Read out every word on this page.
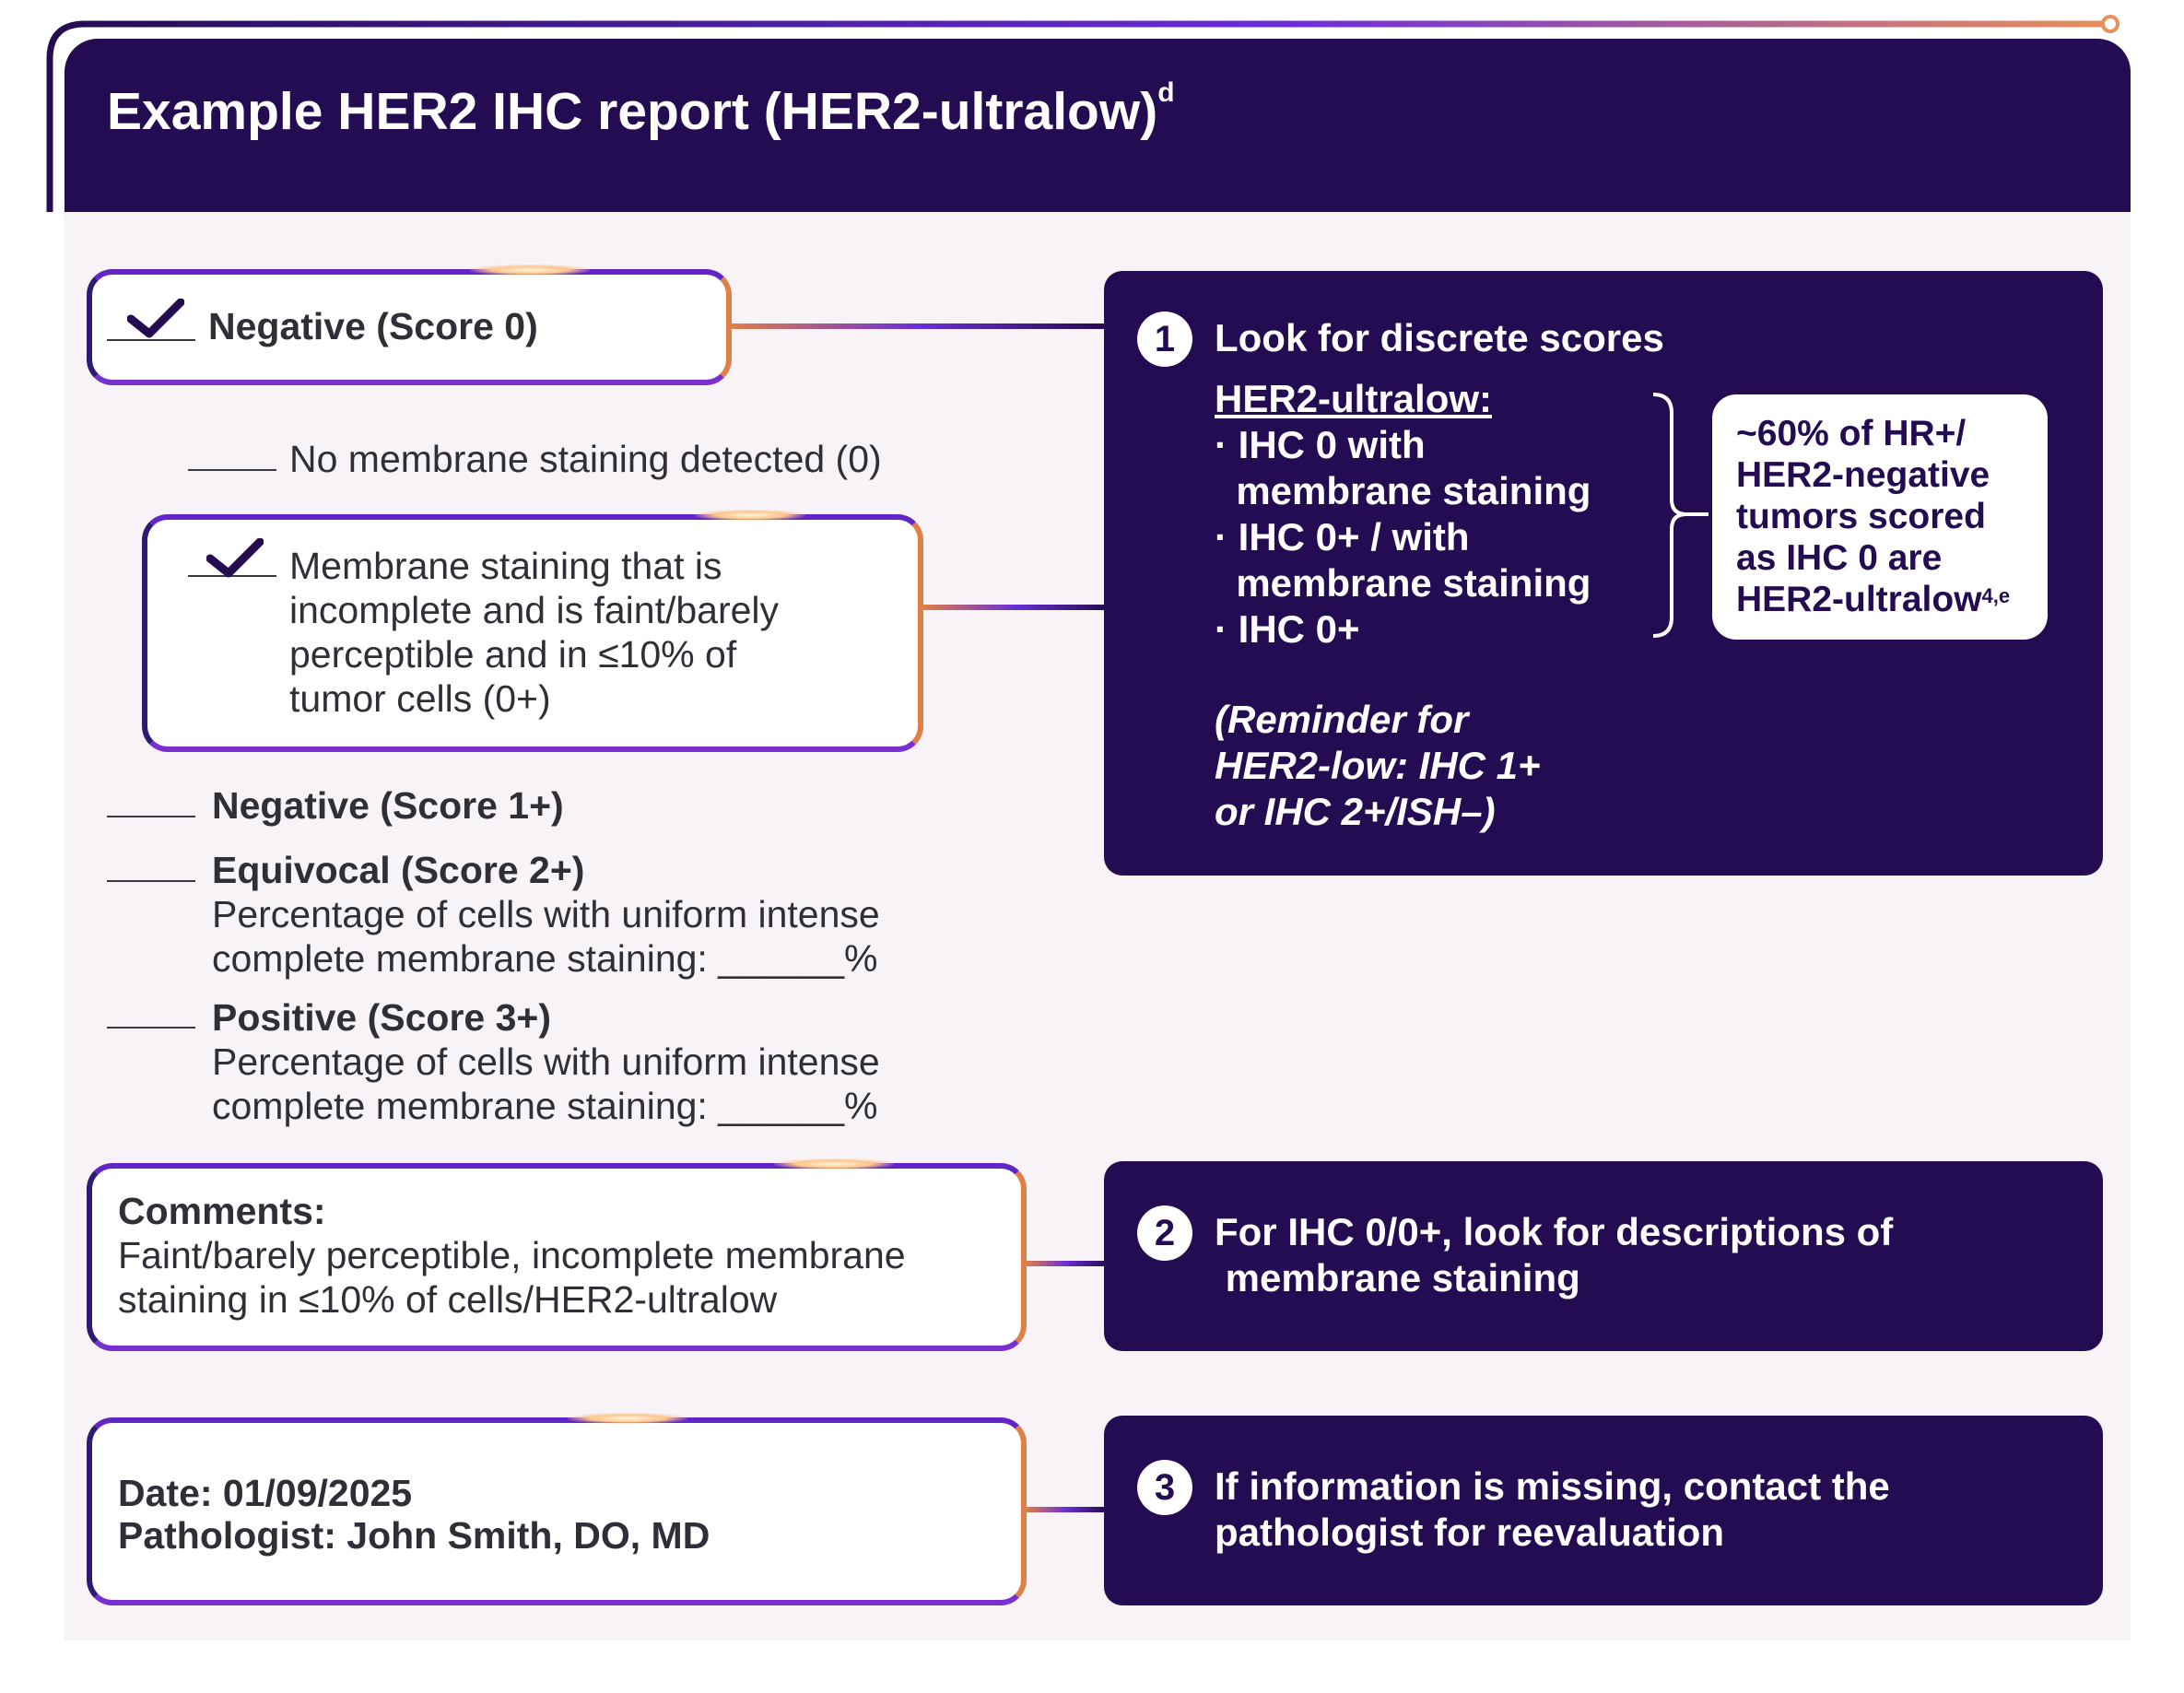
Example HER2 IHC report (HER2-ultralow)$^d$
Negative (Score 0)
No membrane staining detected (0)
Membrane staining that is
incomplete and is faint/barely
perceptible and in ≤10% of
tumor cells (0+)
Negative (Score 1+)
Equivocal (Score 2+)
Percentage of cells with uniform intense
complete membrane staining: ______%
Positive (Score 3+)
Percentage of cells with uniform intense
complete membrane staining: ______%
Comments:
Faint/barely perceptible, incomplete membrane
staining in ≤10% of cells/HER2-ultralow
Date: 01/09/2025
Pathologist: John Smith, DO, MD
1	Look for discrete scores
HER2-ultralow:
· IHC 0 with
membrane staining
· IHC 0+ / with
membrane staining
· IHC 0+
(Reminder for
HER2-low: IHC 1+
or IHC 2+/ISH–)
~60% of HR+/
HER2-negative
tumors scored
as IHC 0 are
HER2-ultralow$^{4,e}$
2	For IHC 0/0+, look for descriptions of
membrane staining
3	If information is missing, contact the
pathologist for reevaluation
